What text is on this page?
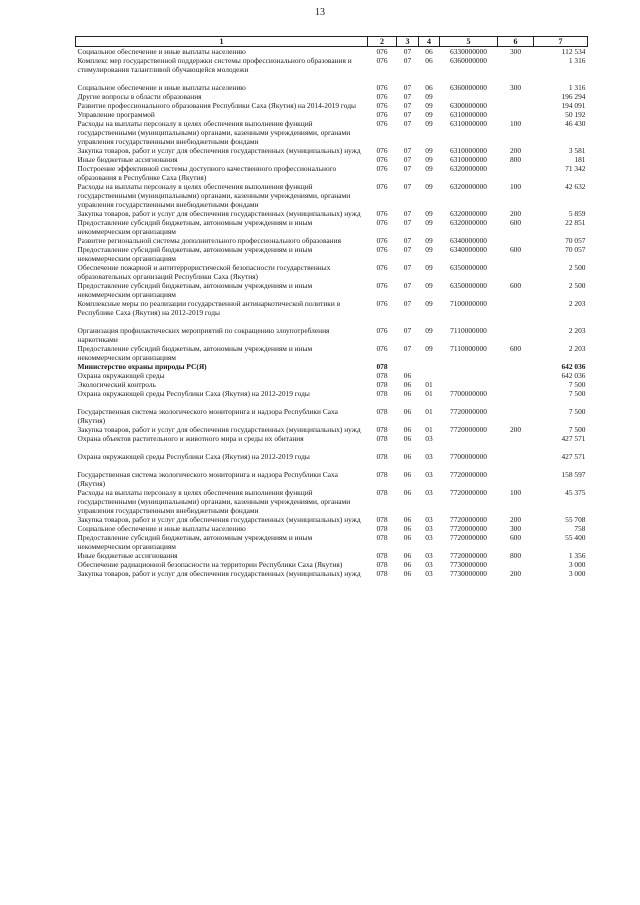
13
1	2	3	4	5	6	7
Социальное обеспечение и иные выплаты населению	076	07	06	6330000000	300	112 534
Комплекс мер государственной поддержки системы профессионального образования и стимулирования талантливой обучающейся молодежи	076	07	06	6360000000		1 316
Социальное обеспечение и иные выплаты населению	076	07	06	6360000000	300	1 316
Другие вопросы в области образования	076	07	09			196 294
Развитие профессионального образования Республики Саха (Якутия) на 2014-2019 годы	076	07	09	6300000000		194 091
Управление программой	076	07	09	6310000000		50 192
Расходы на выплаты персоналу в целях обеспечения выполнения функций государственными (муниципальными) органами, казенными учреждениями, органами управления государственными внебюджетными фондами	076	07	09	6310000000	100	46 430
Закупка товаров, работ и услуг для обеспечения государственных (муниципальных) нужд	076	07	09	6310000000	200	3 581
Иные бюджетные ассигнования	076	07	09	6310000000	800	181
Построение эффективной системы доступного качественного профессионального образования в Республике Саха (Якутия)	076	07	09	6320000000		71 342
Расходы на выплаты персоналу в целях обеспечения выполнения функций государственными (муниципальными) органами, казенными учреждениями, органами управления государственными внебюджетными фондами	076	07	09	6320000000	100	42 632
Закупка товаров, работ и услуг для обеспечения государственных (муниципальных) нужд	076	07	09	6320000000	200	5 859
Предоставление субсидий бюджетным, автономным учреждениям и иным некоммерческим организациям	076	07	09	6320000000	600	22 851
Развитие региональной системы дополнительного профессионального образования	076	07	09	6340000000		70 057
Предоставление субсидий бюджетным, автономным учреждениям и иным некоммерческим организациям	076	07	09	6340000000	600	70 057
Обеспечение пожарной и антитеррористической безопасности государственных образовательных организаций Республики Саха (Якутия)	076	07	09	6350000000		2 500
Предоставление субсидий бюджетным, автономным учреждениям и иным некоммерческим организациям	076	07	09	6350000000	600	2 500
Комплексные меры по реализации государственной антинаркотической политики в Республике Саха (Якутия) на 2012-2019 годы	076	07	09	7100000000		2 203
Организация профилактических мероприятий по сокращению злоупотребления наркотиками	076	07	09	7110000000		2 203
Предоставление субсидий бюджетным, автономным учреждениям и иным некоммерческим организациям	076	07	09	7110000000	600	2 203
Министерство охраны природы РС(Я)	078					642 036
Охрана окружающей среды	078	06				642 036
Экологический контроль	078	06	01			7 500
Охрана окружающей среды Республики Саха (Якутия) на 2012-2019 годы	078	06	01	7700000000		7 500
Государственная система экологического мониторинга и надзора Республики Саха (Якутия)	078	06	01	7720000000		7 500
Закупка товаров, работ и услуг для обеспечения государственных (муниципальных) нужд	078	06	01	7720000000	200	7 500
Охрана объектов растительного и животного мира и среды их обитания	078	06	03			427 571
Охрана окружающей среды Республики Саха (Якутия) на 2012-2019 годы	078	06	03	7700000000		427 571
Государственная система экологического мониторинга и надзора Республики Саха (Якутия)	078	06	03	7720000000		158 597
Расходы на выплаты персоналу в целях обеспечения выполнения функций государственными (муниципальными) органами, казенными учреждениями, органами управления государственными внебюджетными фондами	078	06	03	7720000000	100	45 375
Закупка товаров, работ и услуг для обеспечения государственных (муниципальных) нужд	078	06	03	7720000000	200	55 708
Социальное обеспечение и иные выплаты населению	078	06	03	7720000000	300	758
Предоставление субсидий бюджетным, автономным учреждениям и иным некоммерческим организациям	078	06	03	7720000000	600	55 400
Иные бюджетные ассигнования	078	06	03	7720000000	800	1 356
Обеспечение радиационной безопасности на территории Республики Саха (Якутия)	078	06	03	7730000000		3 000
Закупка товаров, работ и услуг для обеспечения государственных (муниципальных) нужд	078	06	03	7730000000	200	3 000
